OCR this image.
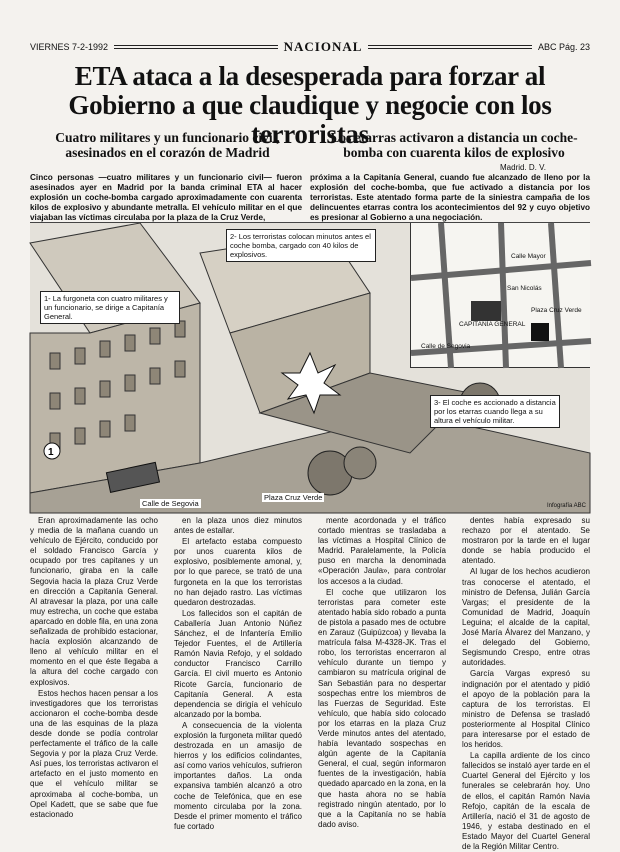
VIERNES 7-2-1992	NACIONAL	ABC Pág. 23
ETA ataca a la desesperada para forzar al Gobierno a que claudique y negocie con los terroristas
Cuatro militares y un funcionario civil, asesinados en el corazón de Madrid
Los etarras activaron a distancia un coche-bomba con cuarenta kilos de explosivo
Madrid. D. V.

Cinco personas —cuatro militares y un funcionario civil— fueron asesinados ayer en Madrid por la banda criminal ETA al hacer explosión un coche-bomba cargado aproximadamente con cuarenta kilos de explosivo y abundante metralla. El vehículo militar en el que viajaban las víctimas circulaba por la plaza de la Cruz Verde,

próxima a la Capitanía General, cuando fue alcanzado de lleno por la explosión del coche-bomba, que fue activado a distancia por los terroristas. Este atentado forma parte de la siniestra campaña de los delincuentes etarras contra los acontecimientos del 92 y cuyo objetivo es presionar al Gobierno a una negociación.

1
1- La furgoneta con cuatro militares y un funcionario, se dirige a Capitanía General.
2- Los terroristas colocan minutos antes el coche bomba, cargado con 40 kilos de explosivos.
3- El coche es accionado a distancia por los etarras cuando llega a su altura el vehículo militar.
Calle de Segovia
Plaza Cruz Verde
CAPITANÍA GENERAL
Calle de Segovia
Plaza Cruz Verde
Calle Mayor
San Nicolás
Infografía ABC

Eran aproximadamente las ocho y media de la mañana cuando un vehículo de Ejército, conducido por el soldado Francisco García y ocupado por tres capitanes y un funcionario, giraba en la calle Segovia hacia la plaza Cruz Verde en dirección a Capitanía General. Al atravesar la plaza, por una calle muy estrecha, un coche que estaba aparcado en doble fila, en una zona señalizada de prohibido estacionar, hacía explosión alcanzando de lleno al vehículo militar en el momento en el que éste llegaba a la altura del coche cargado con explosivos.

Estos hechos hacen pensar a los investigadores que los terroristas accionaron el coche-bomba desde una de las esquinas de la plaza desde donde se podía controlar perfectamente el tráfico de la calle Segovia y por la plaza Cruz Verde. Así pues, los terroristas activaron el artefacto en el justo momento en que el vehículo militar se aproximaba al coche-bomba, un Opel Kadett, que se sabe que fue estacionado

en la plaza unos diez minutos antes de estallar.

El artefacto estaba compuesto por unos cuarenta kilos de explosivo, posiblemente amonal, y, por lo que parece, se trató de una furgoneta en la que los terroristas no han dejado rastro. Las víctimas quedaron destrozadas.

Los fallecidos son el capitán de Caballería Juan Antonio Núñez Sánchez, el de Infantería Emilio Tejedor Fuentes, el de Artillería Ramón Navia Refojo, y el soldado conductor Francisco Carrillo García. El civil muerto es Antonio Ricote García, funcionario de Capitanía General. A esta dependencia se dirigía el vehículo alcanzado por la bomba.

A consecuencia de la violenta explosión la furgoneta militar quedó destrozada en un amasijo de hierros y los edificios colindantes, así como varios vehículos, sufrieron importantes daños. La onda expansiva también alcanzó a otro coche de Telefónica, que en ese momento circulaba por la zona. Desde el primer momento el tráfico fue cortado

mente acordonada y el tráfico cortado mientras se trasladaba a las víctimas a Hospital Clínico de Madrid. Paralelamente, la Policía puso en marcha la denominada «Operación Jaula», para controlar los accesos a la ciudad.

El coche que utilizaron los terroristas para cometer este atentado había sido robado a punta de pistola a pasado mes de octubre en Zarauz (Guipúzcoa) y llevaba la matrícula falsa M-4328-JK. Tras el robo, los terroristas encerraron al vehículo durante un tiempo y cambiaron su matrícula original de San Sebastián para no despertar sospechas entre los miembros de las Fuerzas de Seguridad. Este vehículo, que había sido colocado por los etarras en la plaza Cruz Verde minutos antes del atentado, había levantado sospechas en algún agente de la Capitanía General, el cual, según informaron fuentes de la investigación, había quedado aparcado en la zona, en la que hasta ahora no se había registrado ningún atentado, por lo que a la Capitanía no se había dado aviso.

dentes había expresado su rechazo por el atentado. Se mostraron por la tarde en el lugar donde se había producido el atentado.

Al lugar de los hechos acudieron tras conocerse el atentado, el ministro de Defensa, Julián García Vargas; el presidente de la Comunidad de Madrid, Joaquín Leguina; el alcalde de la capital, José María Álvarez del Manzano, y el delegado del Gobierno, Segismundo Crespo, entre otras autoridades.

García Vargas expresó su indignación por el atentado y pidió el apoyo de la población para la captura de los terroristas. El ministro de Defensa se trasladó posteriormente al Hospital Clínico para interesarse por el estado de los heridos.

La capilla ardiente de los cinco fallecidos se instaló ayer tarde en el Cuartel General del Ejército y los funerales se celebrarán hoy. Uno de ellos, el capitán Ramón Navia Refojo, capitán de la escala de Artillería, nació el 31 de agosto de 1946, y estaba destinado en el Estado Mayor del Cuartel General de la Región Militar Centro.
